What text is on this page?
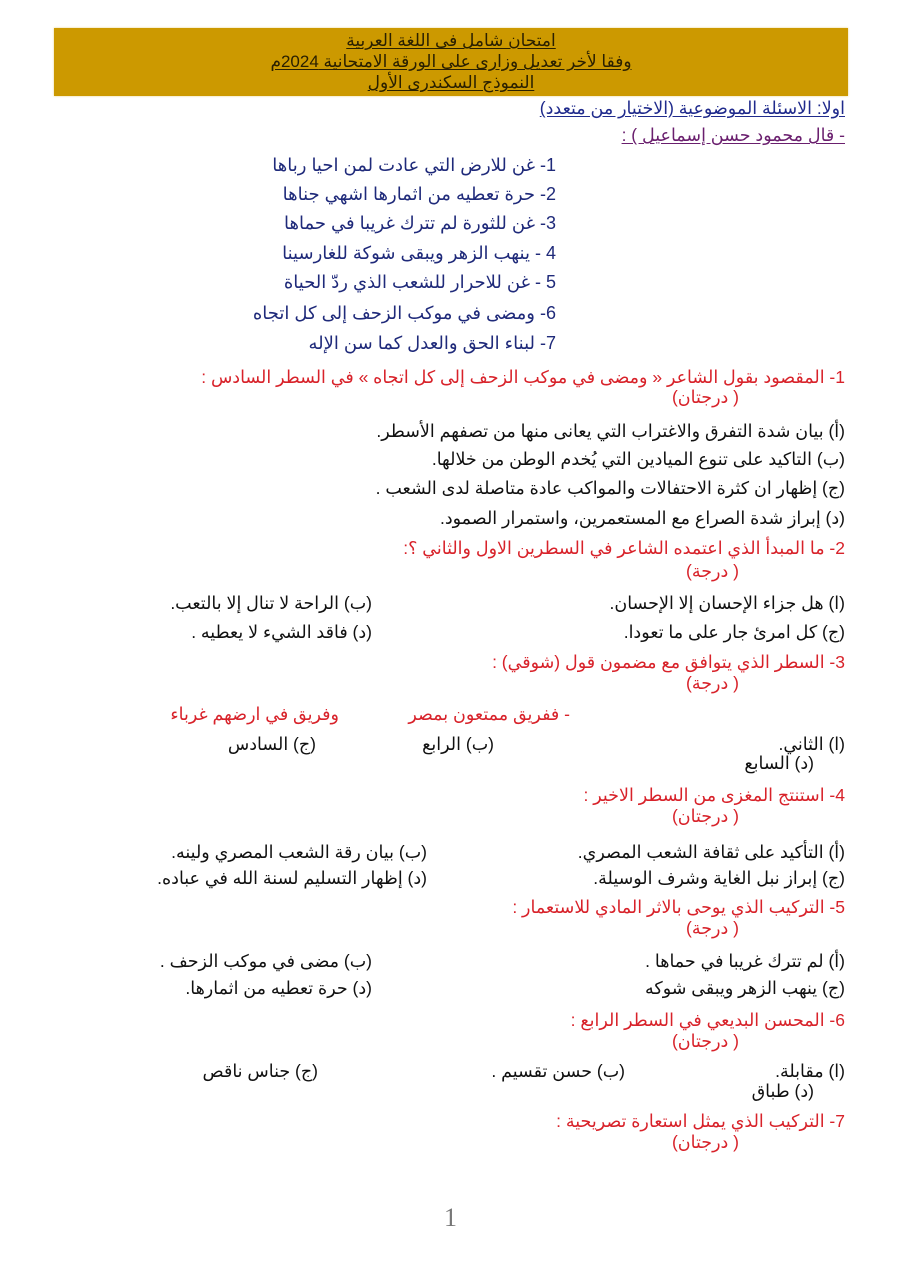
امتحان شامل فى اللغة العربية
وفقا لأخر تعديل وزارى على الورقة الامتحانية 2024م
النموذج السكندرى الأول
اولا: الاسئلة الموضوعية (الاختيار من متعدد)
- قال محمود حسن إسماعيل ) :
1- غن للارض التي عادت لمن احيا رباها
2- حرة تعطيه من اثمارها اشهي جناها
3- غن للثورة لم تترك غريبا في حماها
4 - ينهب الزهر ويبقى شوكة للغارسينا
5 - غن للاحرار للشعب الذي ردّ الحياة
6- ومضى في موكب الزحف إلى كل اتجاه
7- لبناء الحق والعدل كما سن الإله
1- المقصود بقول الشاعر « ومضى في موكب الزحف إلى كل اتجاه » في السطر السادس :
( درجتان)
(أ) بيان شدة التفرق والاغتراب التي يعانى منها من تصفهم الأسطر.
(ب) التاكيد على تنوع الميادين التي يُخدم الوطن من خلالها.
(ج) إظهار ان كثرة الاحتفالات والمواكب عادة متاصلة لدى الشعب .
(د) إبراز شدة الصراع مع المستعمرين، واستمرار الصمود.
2- ما المبدأ الذي اعتمده الشاعر في السطرين الاول والثاني ؟:
( درجة)
(ا) هل جزاء الإحسان إلا الإحسان.
(ب) الراحة لا تنال إلا بالتعب.
(ج) كل امرئ جار على ما تعودا.
(د) فاقد الشيء لا يعطيه .
3- السطر الذي يتوافق مع مضمون قول (شوقي) :
( درجة)
- ففريق ممتعون بمصر
وفريق في ارضهم غرباء
(ا) الثاني.
(ب) الرابع
(ج) السادس
(د) السابع
4- استنتج المغزى من السطر الاخير :
( درجتان)
(أ) التأكيد على ثقافة الشعب المصري.
(ب) بيان رقة الشعب المصري ولينه.
(ج) إبراز نبل الغاية وشرف الوسيلة.
(د) إظهار التسليم لسنة الله في عباده.
5- التركيب الذي يوحى بالاثر المادي للاستعمار :
( درجة)
(أ) لم تترك غريبا في حماها .
(ب) مضى في موكب الزحف .
(ج) ينهب الزهر ويبقى شوكه
(د) حرة تعطيه من اثمارها.
6- المحسن البديعي في السطر الرابع :
( درجتان)
(ا) مقابلة.
(ب) حسن تقسيم .
(ج) جناس ناقص
(د) طباق
7- التركيب الذي يمثل استعارة تصريحية :
( درجتان)
1
